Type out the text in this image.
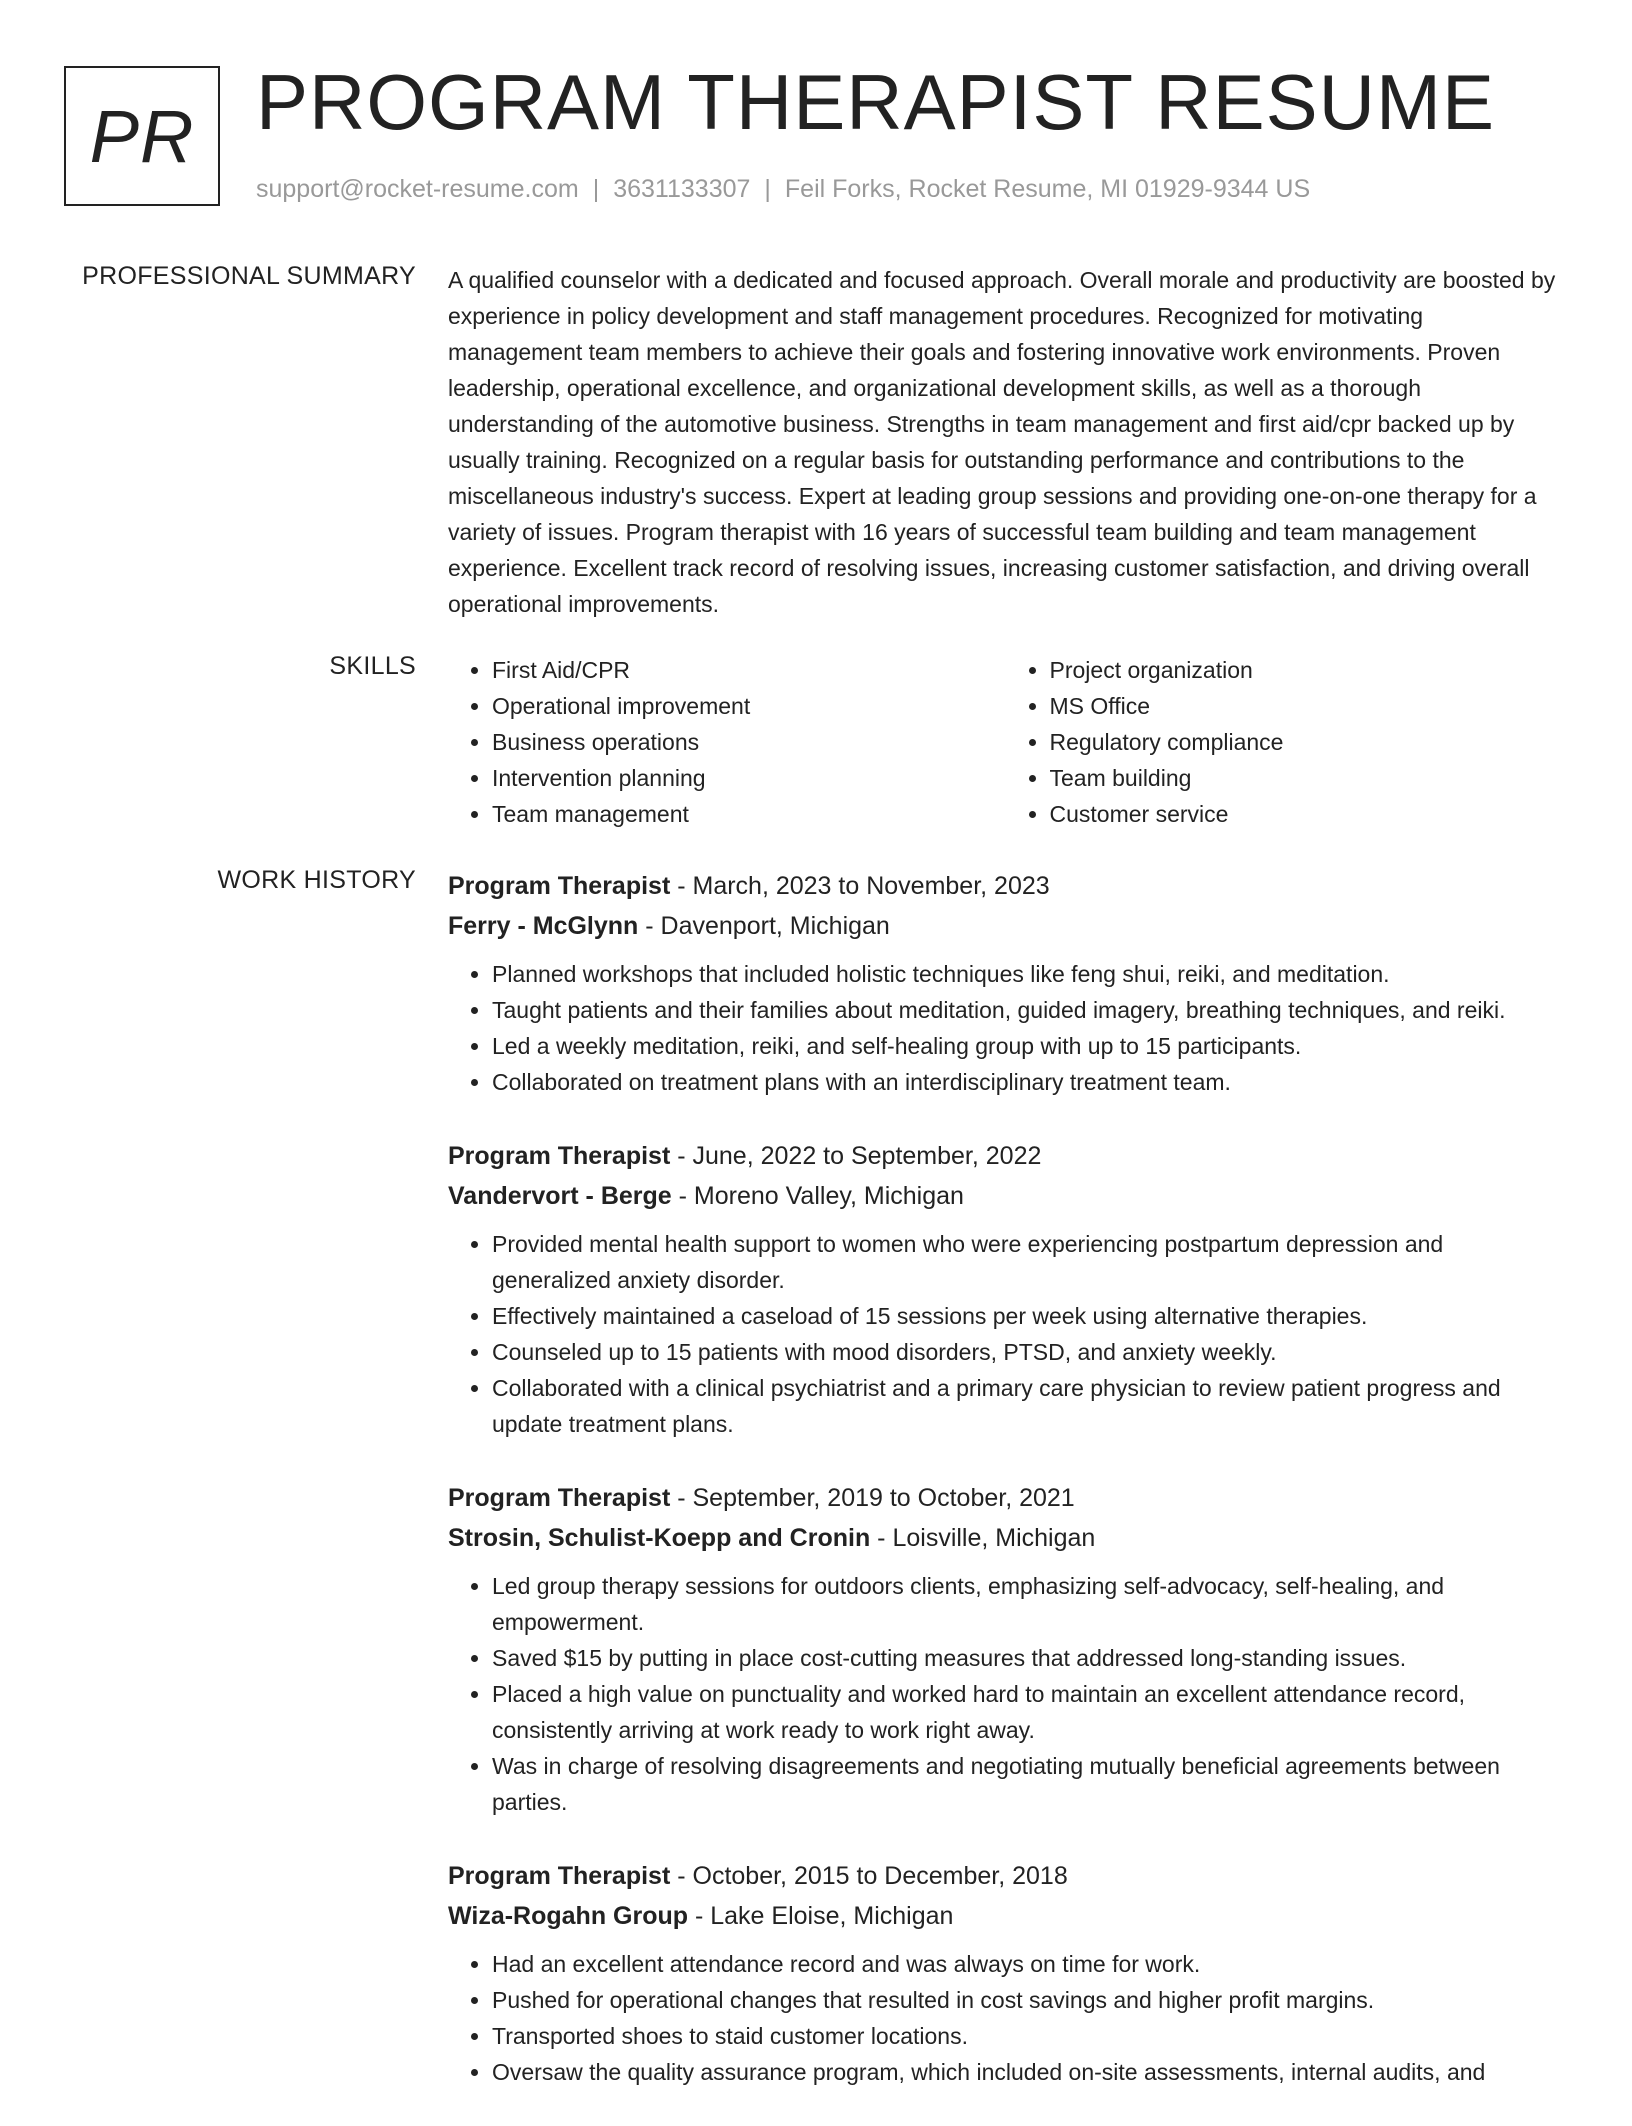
PR PROGRAM THERAPIST RESUME
support@rocket-resume.com | 3631133307 | Feil Forks, Rocket Resume, MI 01929-9344 US
PROFESSIONAL SUMMARY A qualified counselor with a dedicated and focused approach. Overall morale and productivity are boosted by experience in policy development and staff management procedures. Recognized for motivating management team members to achieve their goals and fostering innovative work environments. Proven leadership, operational excellence, and organizational development skills, as well as a thorough understanding of the automotive business. Strengths in team management and first aid/cpr backed up by usually training. Recognized on a regular basis for outstanding performance and contributions to the miscellaneous industry's success. Expert at leading group sessions and providing one-on-one therapy for a variety of issues. Program therapist with 16 years of successful team building and team management experience. Excellent track record of resolving issues, increasing customer satisfaction, and driving overall operational improvements.

SKILLS
•	First Aid/CPR
• Operational improvement
• Business operations
• Intervention planning
• Team management
• Project organization
• MS Office
• Regulatory compliance
• Team building
• Customer service
WORK HISTORY Program Therapist - March, 2023 to November, 2023
Ferry - McGlynn - Davenport, Michigan
• Planned workshops that included holistic techniques like feng shui, reiki, and meditation.
• Taught patients and their families about meditation, guided imagery, breathing techniques, and reiki.
• Led a weekly meditation, reiki, and self-healing group with up to 15 participants.
• Collaborated on treatment plans with an interdisciplinary treatment team.
Program Therapist - June, 2022 to September, 2022
Vandervort - Berge - Moreno Valley, Michigan
• Provided mental health support to women who were experiencing postpartum depression and generalized anxiety disorder.
• Effectively maintained a caseload of 15 sessions per week using alternative therapies.
• Counseled up to 15 patients with mood disorders, PTSD, and anxiety weekly.
• Collaborated with a clinical psychiatrist and a primary care physician to review patient progress and update treatment plans.
Program Therapist - September, 2019 to October, 2021
Strosin, Schulist-Koepp and Cronin - Loisville, Michigan
• Led group therapy sessions for outdoors clients, emphasizing self-advocacy, self-healing, and empowerment.
• Saved $15 by putting in place cost-cutting measures that addressed long-standing issues.
• Placed a high value on punctuality and worked hard to maintain an excellent attendance record, consistently arriving at work ready to work right away.
• Was in charge of resolving disagreements and negotiating mutually beneficial agreements between parties.
Program Therapist - October, 2015 to December, 2018
Wiza-Rogahn Group - Lake Eloise, Michigan
• Had an excellent attendance record and was always on time for work.
• Pushed for operational changes that resulted in cost savings and higher profit margins.
• Transported shoes to staid customer locations.
• Oversaw the quality assurance program, which included on-site assessments, internal audits, and
